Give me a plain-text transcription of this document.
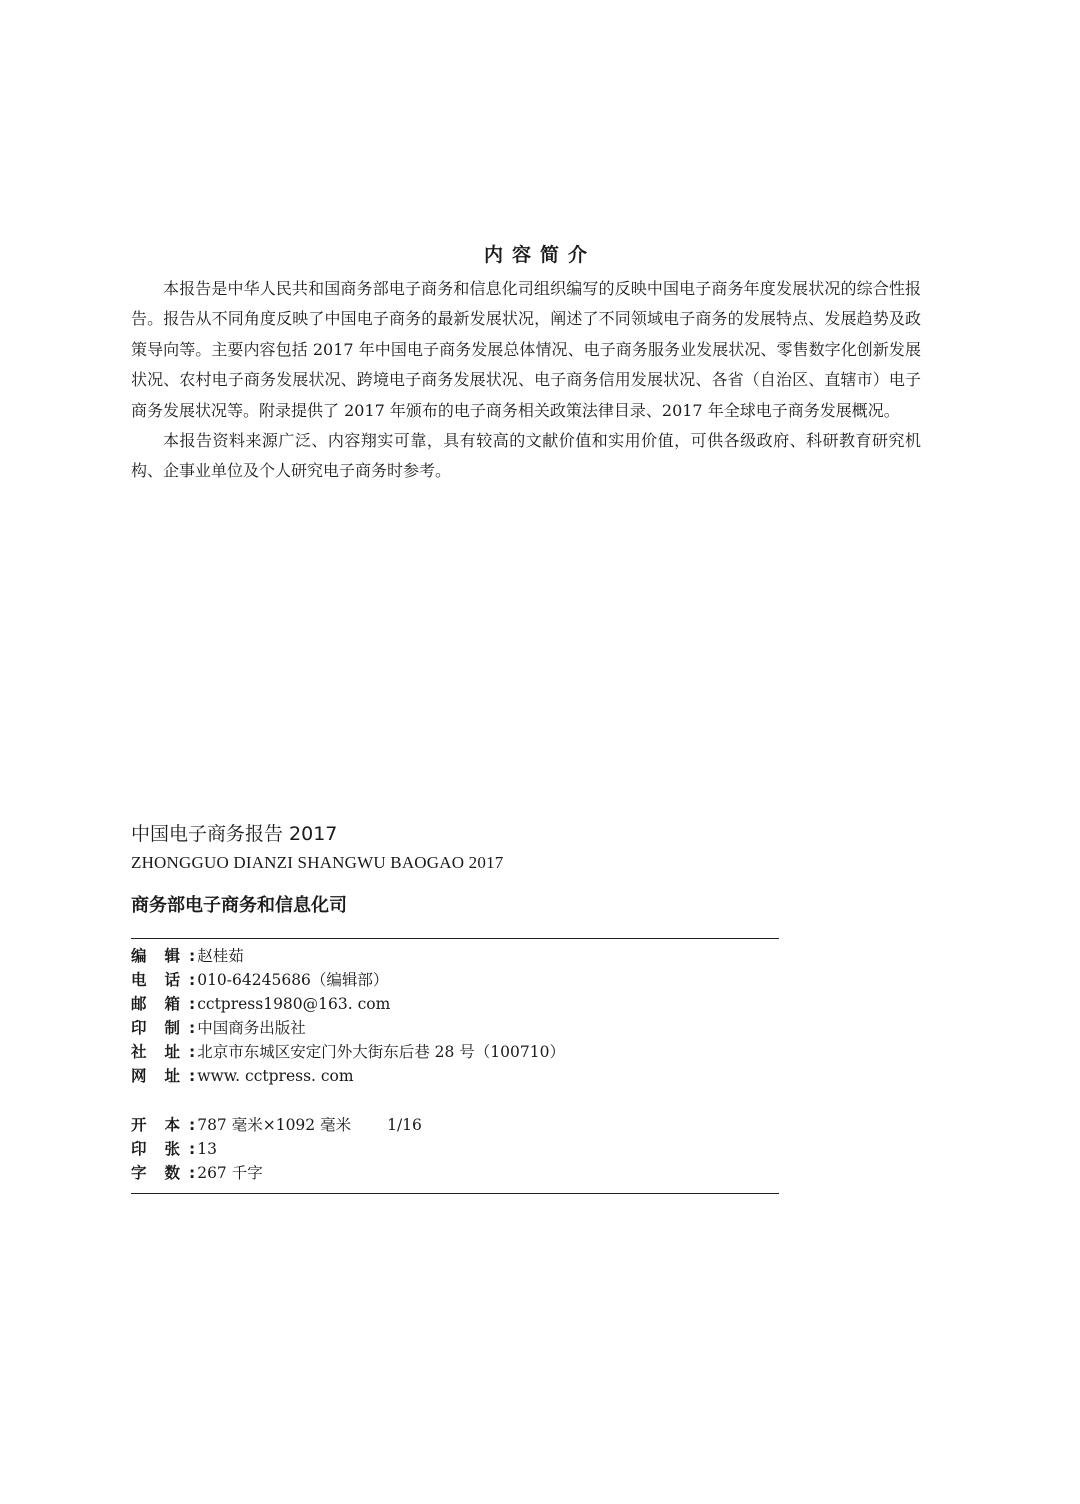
内容简介

本报告是中华人民共和国商务部电子商务和信息化司组织编写的反映中国电子商务年度发展状况的综合性报告。报告从不同角度反映了中国电子商务的最新发展状况，阐述了不同领域电子商务的发展特点、发展趋势及政策导向等。主要内容包括 2017 年中国电子商务发展总体情况、电子商务服务业发展状况、零售数字化创新发展状况、农村电子商务发展状况、跨境电子商务发展状况、电子商务信用发展状况、各省（自治区、直辖市）电子商务发展状况等。附录提供了 2017 年颁布的电子商务相关政策法律目录、2017 年全球电子商务发展概况。

本报告资料来源广泛、内容翔实可靠，具有较高的文献价值和实用价值，可供各级政府、科研教育研究机构、企事业单位及个人研究电子商务时参考。

中国电子商务报告 2017
ZHONGGUO DIANZI SHANGWU BAOGAO 2017
商务部电子商务和信息化司
编 辑 : 赵桂茹
电 话 : 010-64245686（编辑部）
邮 箱 : cctpress1980@163. com
印 制 : 中国商务出版社
社 址 : 北京市东城区安定门外大街东后巷 28 号（100710）
网 址 : www. cctpress. com
开 本 : 787 毫米×1092 毫米 1/16
印 张 : 13
字 数 : 267 千字
